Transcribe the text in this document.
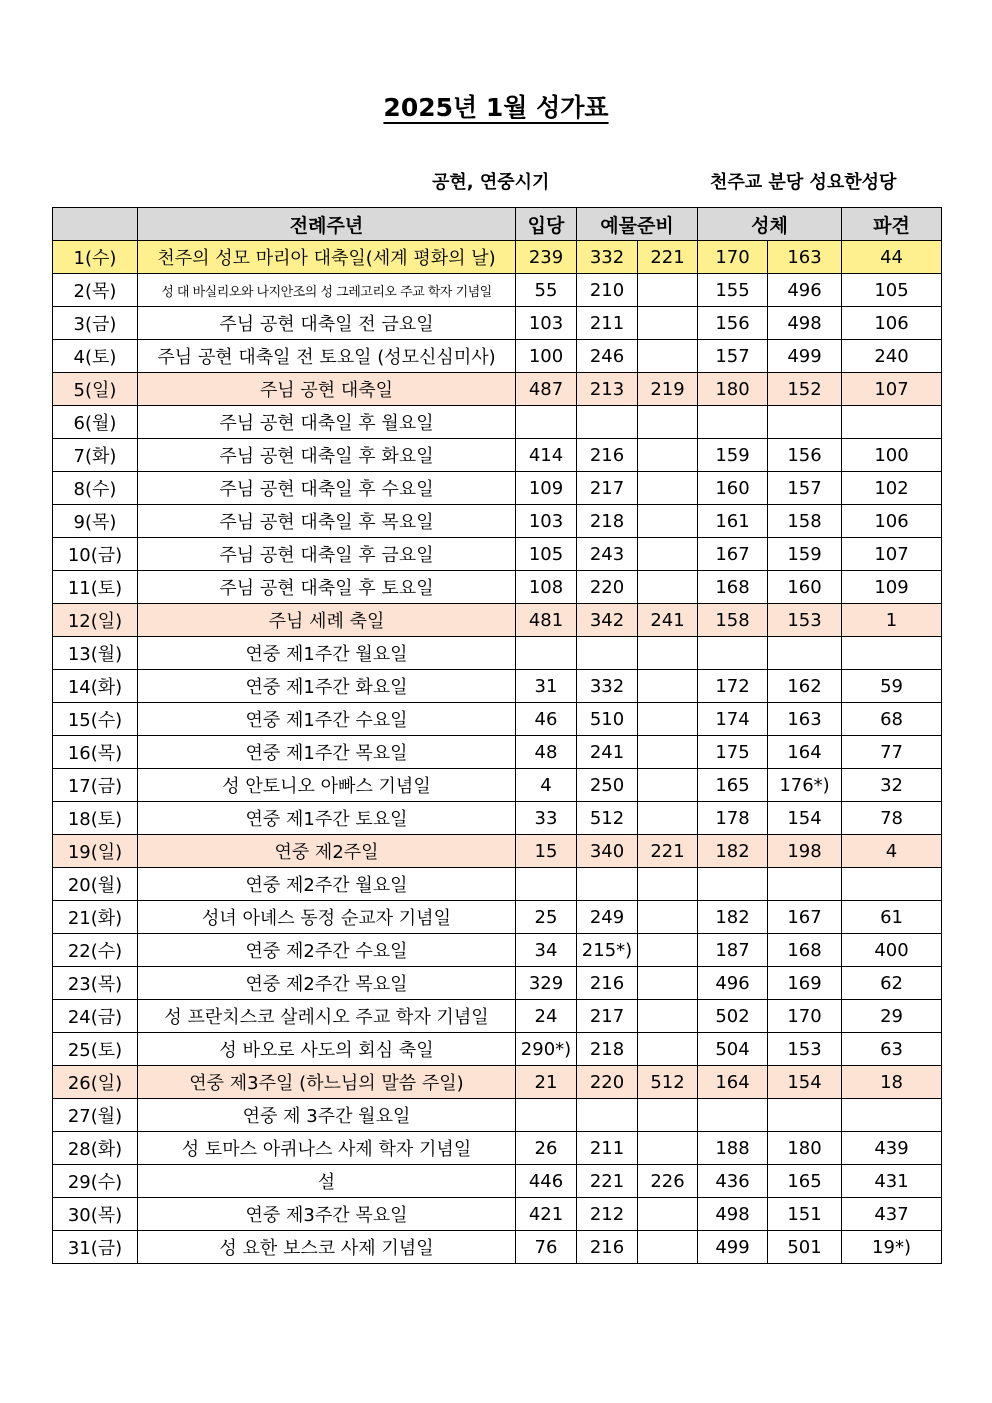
2025년 1월 성가표
공현, 연중시기	천주교 분당 성요한성당
	전례주년	입당	예물준비		성체		파견
1(수)	천주의 성모 마리아 대축일(세계 평화의 날)	239	332	221	170	163	44
2(목)	성 대 바실리오와 나지안조의 성 그레고리오 주교 학자 기념일	55	210		155	496	105
3(금)	주님 공현 대축일 전 금요일	103	211		156	498	106
4(토)	주님 공현 대축일 전 토요일 (성모신심미사)	100	246		157	499	240
5(일)	주님 공현 대축일	487	213	219	180	152	107
6(월)	주님 공현 대축일 후 월요일						
7(화)	주님 공현 대축일 후 화요일	414	216		159	156	100
8(수)	주님 공현 대축일 후 수요일	109	217		160	157	102
9(목)	주님 공현 대축일 후 목요일	103	218		161	158	106
10(금)	주님 공현 대축일 후 금요일	105	243		167	159	107
11(토)	주님 공현 대축일 후 토요일	108	220		168	160	109
12(일)	주님 세례 축일	481	342	241	158	153	1
13(월)	연중 제1주간 월요일						
14(화)	연중 제1주간 화요일	31	332		172	162	59
15(수)	연중 제1주간 수요일	46	510		174	163	68
16(목)	연중 제1주간 목요일	48	241		175	164	77
17(금)	성 안토니오 아빠스 기념일	4	250		165	176*)	32
18(토)	연중 제1주간 토요일	33	512		178	154	78
19(일)	연중 제2주일	15	340	221	182	198	4
20(월)	연중 제2주간 월요일						
21(화)	성녀 아녜스 동정 순교자 기념일	25	249		182	167	61
22(수)	연중 제2주간 수요일	34	215*)		187	168	400
23(목)	연중 제2주간 목요일	329	216		496	169	62
24(금)	성 프란치스코 살레시오 주교 학자 기념일	24	217		502	170	29
25(토)	성 바오로 사도의 회심 축일	290*)	218		504	153	63
26(일)	연중 제3주일 (하느님의 말씀 주일)	21	220	512	164	154	18
27(월)	연중 제 3주간 월요일						
28(화)	성 토마스 아퀴나스 사제 학자 기념일	26	211		188	180	439
29(수)	설	446	221	226	436	165	431
30(목)	연중 제3주간 목요일	421	212		498	151	437
31(금)	성 요한 보스코 사제 기념일	76	216		499	501	19*)
